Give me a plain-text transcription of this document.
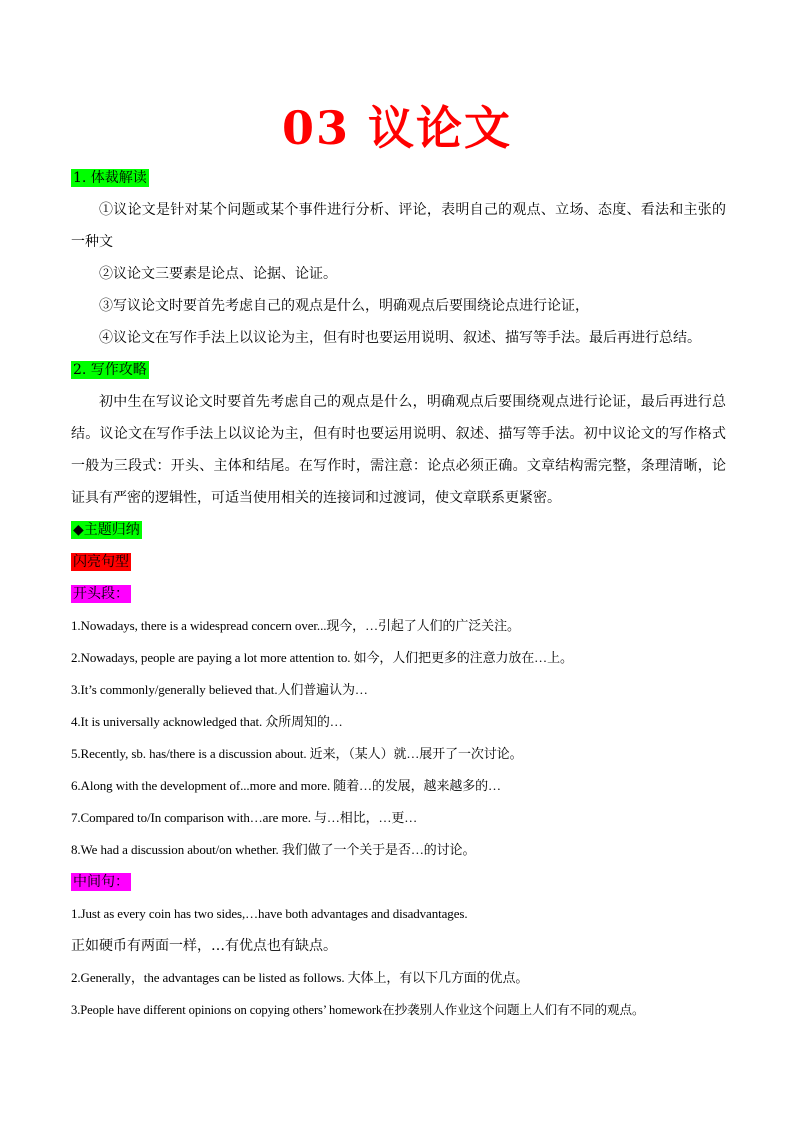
03 议论文
1. 体裁解读
①议论文是针对某个问题或某个事件进行分析、评论，表明自己的观点、立场、态度、看法和主张的一种文
②议论文三要素是论点、论据、论证。
③写议论文时要首先考虑自己的观点是什么，明确观点后要围绕论点进行论证，
④议论文在写作手法上以议论为主，但有时也要运用说明、叙述、描写等手法。最后再进行总结。
2. 写作攻略
初中生在写议论文时要首先考虑自己的观点是什么，明确观点后要围绕观点进行论证，最后再进行总结。议论文在写作手法上以议论为主，但有时也要运用说明、叙述、描写等手法。初中议论文的写作格式一般为三段式：开头、主体和结尾。在写作时，需注意：论点必须正确。文章结构需完整，条理清晰，论证具有严密的逻辑性，可适当使用相关的连接词和过渡词，使文章联系更紧密。
◆主题归纳
闪亮句型
开头段：
1.Nowadays, there is a widespread concern over...现今，…引起了人们的广泛关注。
2.Nowadays, people are paying a lot more attention to. 如今，人们把更多的注意力放在…上。
3.It’s commonly/generally believed that.人们普遍认为…
4.It is universally acknowledged that. 众所周知的…
5.Recently, sb. has/there is a discussion about. 近来，（某人）就…展开了一次讨论。
6.Along with the development of...more and more. 随着…的发展，越来越多的…
7.Compared to/In comparison with…are more. 与…相比，…更…
8.We had a discussion about/on whether. 我们做了一个关于是否…的讨论。
中间句：
1.Just as every coin has two sides,…have both advantages and disadvantages.
正如硬币有两面一样，…有优点也有缺点。
2.Generally，the advantages can be listed as follows. 大体上，有以下几方面的优点。
3.People have different opinions on copying others’ homework在抄袭别人作业这个问题上人们有不同的观点。
